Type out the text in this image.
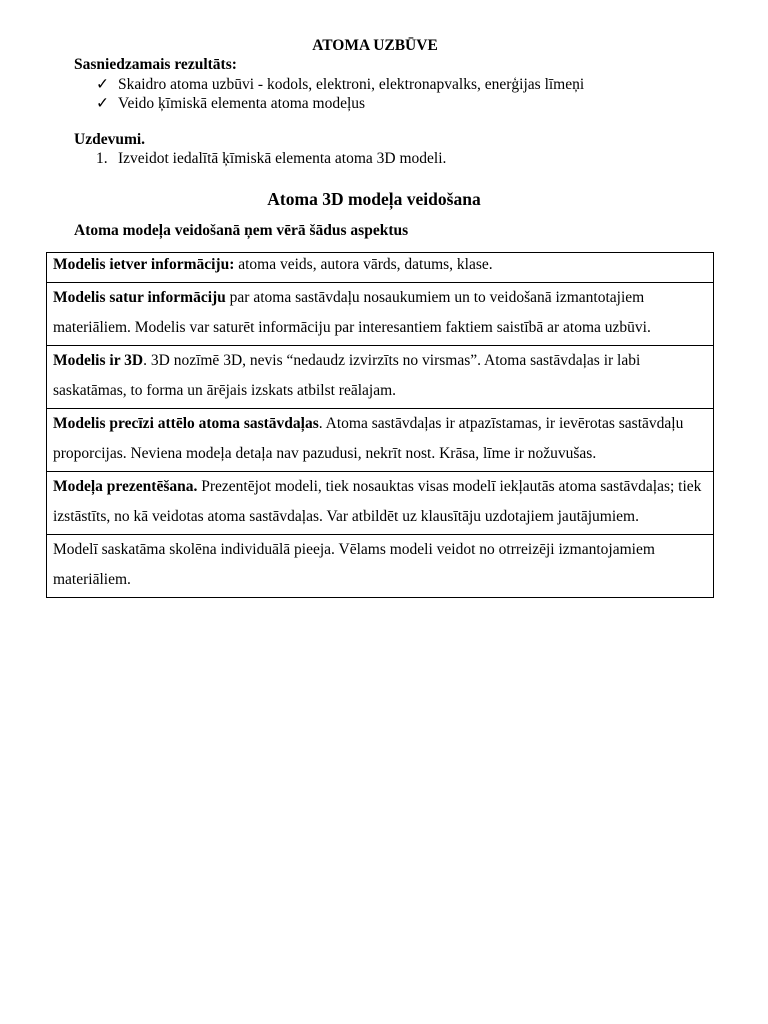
ATOMA UZBŪVE
Sasniedzamais rezultāts:
✓ Skaidro atoma uzbūvi - kodols, elektroni, elektronapvalks, enerģijas līmeņi
✓ Veido ķīmiskā elementa atoma modeļus
Uzdevumi.
1. Izveidot iedalītā ķīmiskā elementa atoma 3D modeli.
Atoma 3D modeļa veidošana
Atoma modeļa veidošanā ņem vērā šādus aspektus
Modelis ietver informāciju: atoma veids, autora vārds, datums, klase.
Modelis satur informāciju par atoma sastāvdaļu nosaukumiem un to veidošanā izmantotajiem materiāliem. Modelis var saturēt informāciju par interesantiem faktiem saistībā ar atoma uzbūvi.
Modelis ir 3D. 3D nozīmē 3D, nevis “nedaudz izvirzīts no virsmas”. Atoma sastāvdaļas ir labi saskatāmas, to forma un ārējais izskats atbilst reālajam.
Modelis precīzi attēlo atoma sastāvdaļas. Atoma sastāvdaļas ir atpazīstamas, ir ievērotas sastāvdaļu proporcijas. Neviena modeļa detaļa nav pazudusi, nekrīt nost. Krāsa, līme ir nožuvušas.
Modeļa prezentēšana. Prezentējot modeli, tiek nosauktas visas modelī iekļautās atoma sastāvdaļas; tiek izstāstīts, no kā veidotas atoma sastāvdaļas. Var atbildēt uz klausītāju uzdotajiem jautājumiem.
Modelī saskatāma skolēna individuālā pieeja. Vēlams modeli veidot no otrreizēji izmantojamiem materiāliem.
